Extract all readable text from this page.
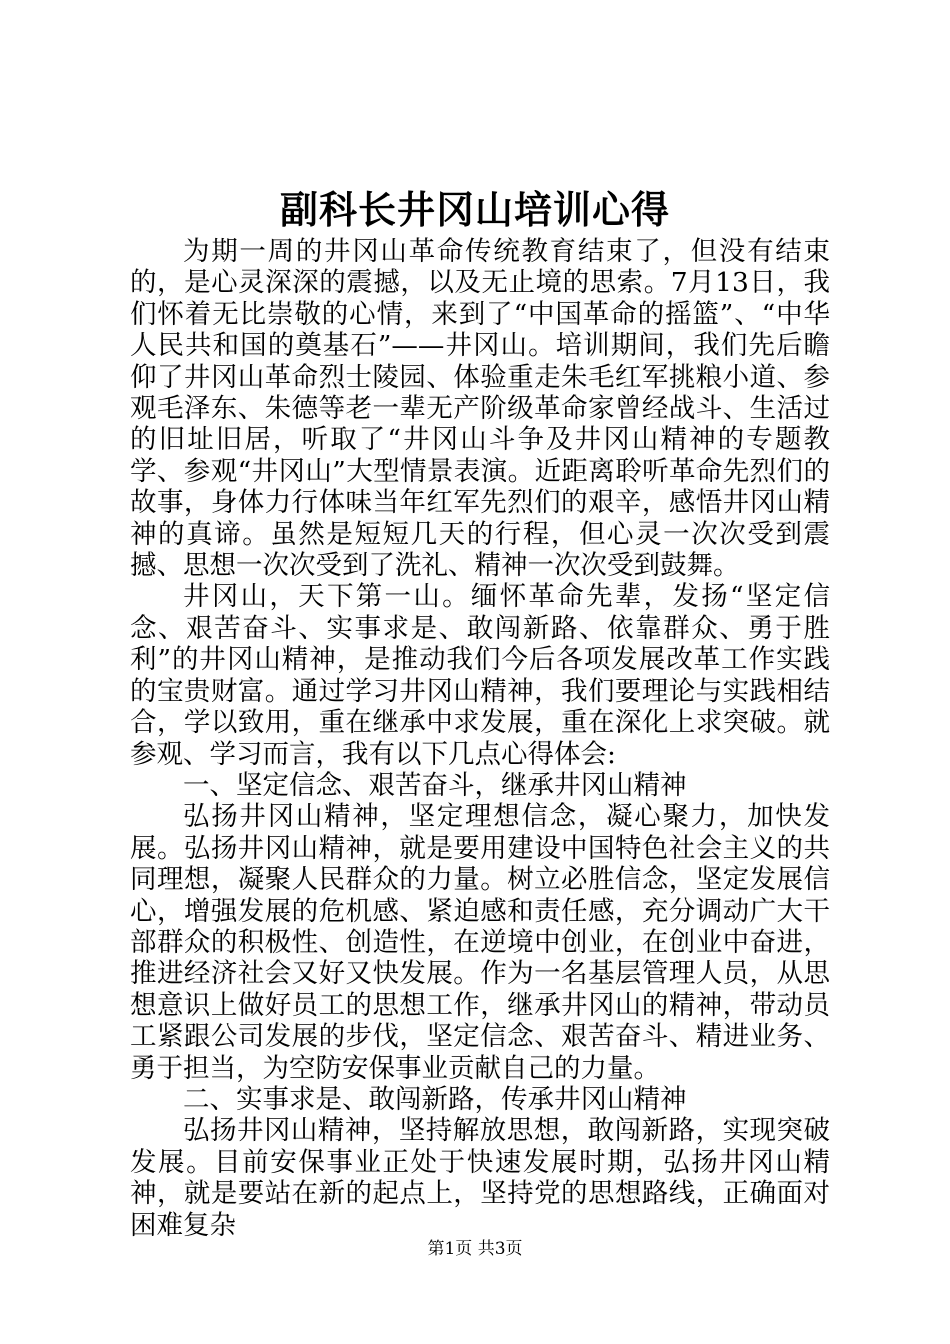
副科长井冈山培训心得

为期一周的井冈山革命传统教育结束了，但没有结束的，是心灵深深的震撼，以及无止境的思索。7月13日，我们怀着无比崇敬的心情，来到了“中国革命的摇篮”、“中华人民共和国的奠基石”——井冈山。培训期间，我们先后瞻仰了井冈山革命烈士陵园、体验重走朱毛红军挑粮小道、参观毛泽东、朱德等老一辈无产阶级革命家曾经战斗、生活过的旧址旧居，听取了“井冈山斗争及井冈山精神的专题教学、参观“井冈山”大型情景表演。近距离聆听革命先烈们的故事，身体力行体味当年红军先烈们的艰辛，感悟井冈山精神的真谛。虽然是短短几天的行程，但心灵一次次受到震撼、思想一次次受到了洗礼、精神一次次受到鼓舞。

井冈山，天下第一山。缅怀革命先辈，发扬“坚定信念、艰苦奋斗、实事求是、敢闯新路、依靠群众、勇于胜利”的井冈山精神，是推动我们今后各项发展改革工作实践的宝贵财富。通过学习井冈山精神，我们要理论与实践相结合，学以致用，重在继承中求发展，重在深化上求突破。就参观、学习而言，我有以下几点心得体会:

一、坚定信念、艰苦奋斗，继承井冈山精神

弘扬井冈山精神，坚定理想信念，凝心聚力，加快发展。弘扬井冈山精神，就是要用建设中国特色社会主义的共同理想，凝聚人民群众的力量。树立必胜信念，坚定发展信心，增强发展的危机感、紧迫感和责任感，充分调动广大干部群众的积极性、创造性，在逆境中创业，在创业中奋进，推进经济社会又好又快发展。作为一名基层管理人员，从思想意识上做好员工的思想工作，继承井冈山的精神，带动员工紧跟公司发展的步伐，坚定信念、艰苦奋斗、精进业务、勇于担当，为空防安保事业贡献自己的力量。

二、实事求是、敢闯新路，传承井冈山精神

弘扬井冈山精神，坚持解放思想，敢闯新路，实现突破发展。目前安保事业正处于快速发展时期，弘扬井冈山精神，就是要站在新的起点上，坚持党的思想路线，正确面对困难复杂

第1页 共3页
